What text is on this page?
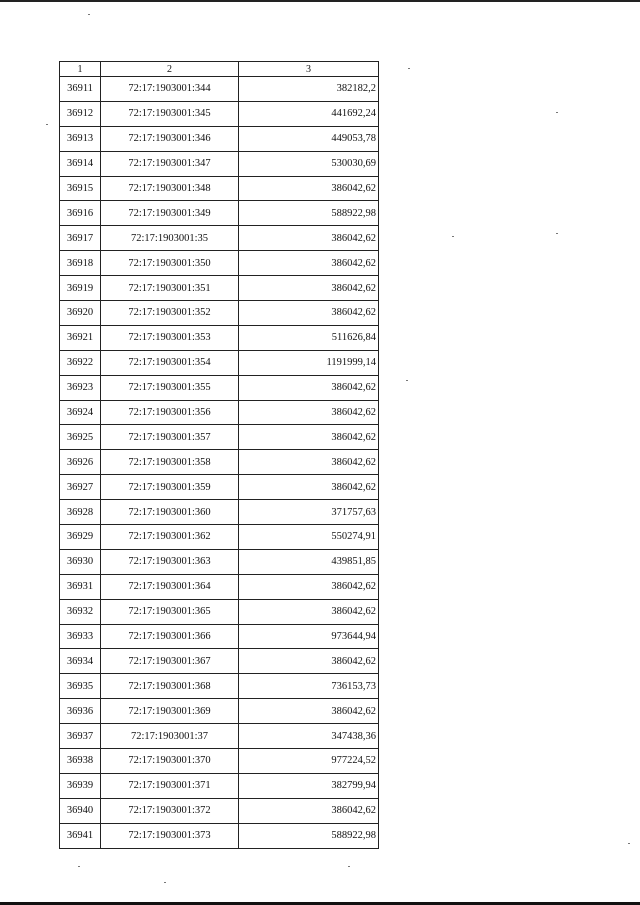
1	2	3
36911	72:17:1903001:344	382182,2
36912	72:17:1903001:345	441692,24
36913	72:17:1903001:346	449053,78
36914	72:17:1903001:347	530030,69
36915	72:17:1903001:348	386042,62
36916	72:17:1903001:349	588922,98
36917	72:17:1903001:35	386042,62
36918	72:17:1903001:350	386042,62
36919	72:17:1903001:351	386042,62
36920	72:17:1903001:352	386042,62
36921	72:17:1903001:353	511626,84
36922	72:17:1903001:354	1191999,14
36923	72:17:1903001:355	386042,62
36924	72:17:1903001:356	386042,62
36925	72:17:1903001:357	386042,62
36926	72:17:1903001:358	386042,62
36927	72:17:1903001:359	386042,62
36928	72:17:1903001:360	371757,63
36929	72:17:1903001:362	550274,91
36930	72:17:1903001:363	439851,85
36931	72:17:1903001:364	386042,62
36932	72:17:1903001:365	386042,62
36933	72:17:1903001:366	973644,94
36934	72:17:1903001:367	386042,62
36935	72:17:1903001:368	736153,73
36936	72:17:1903001:369	386042,62
36937	72:17:1903001:37	347438,36
36938	72:17:1903001:370	977224,52
36939	72:17:1903001:371	382799,94
36940	72:17:1903001:372	386042,62
36941	72:17:1903001:373	588922,98
